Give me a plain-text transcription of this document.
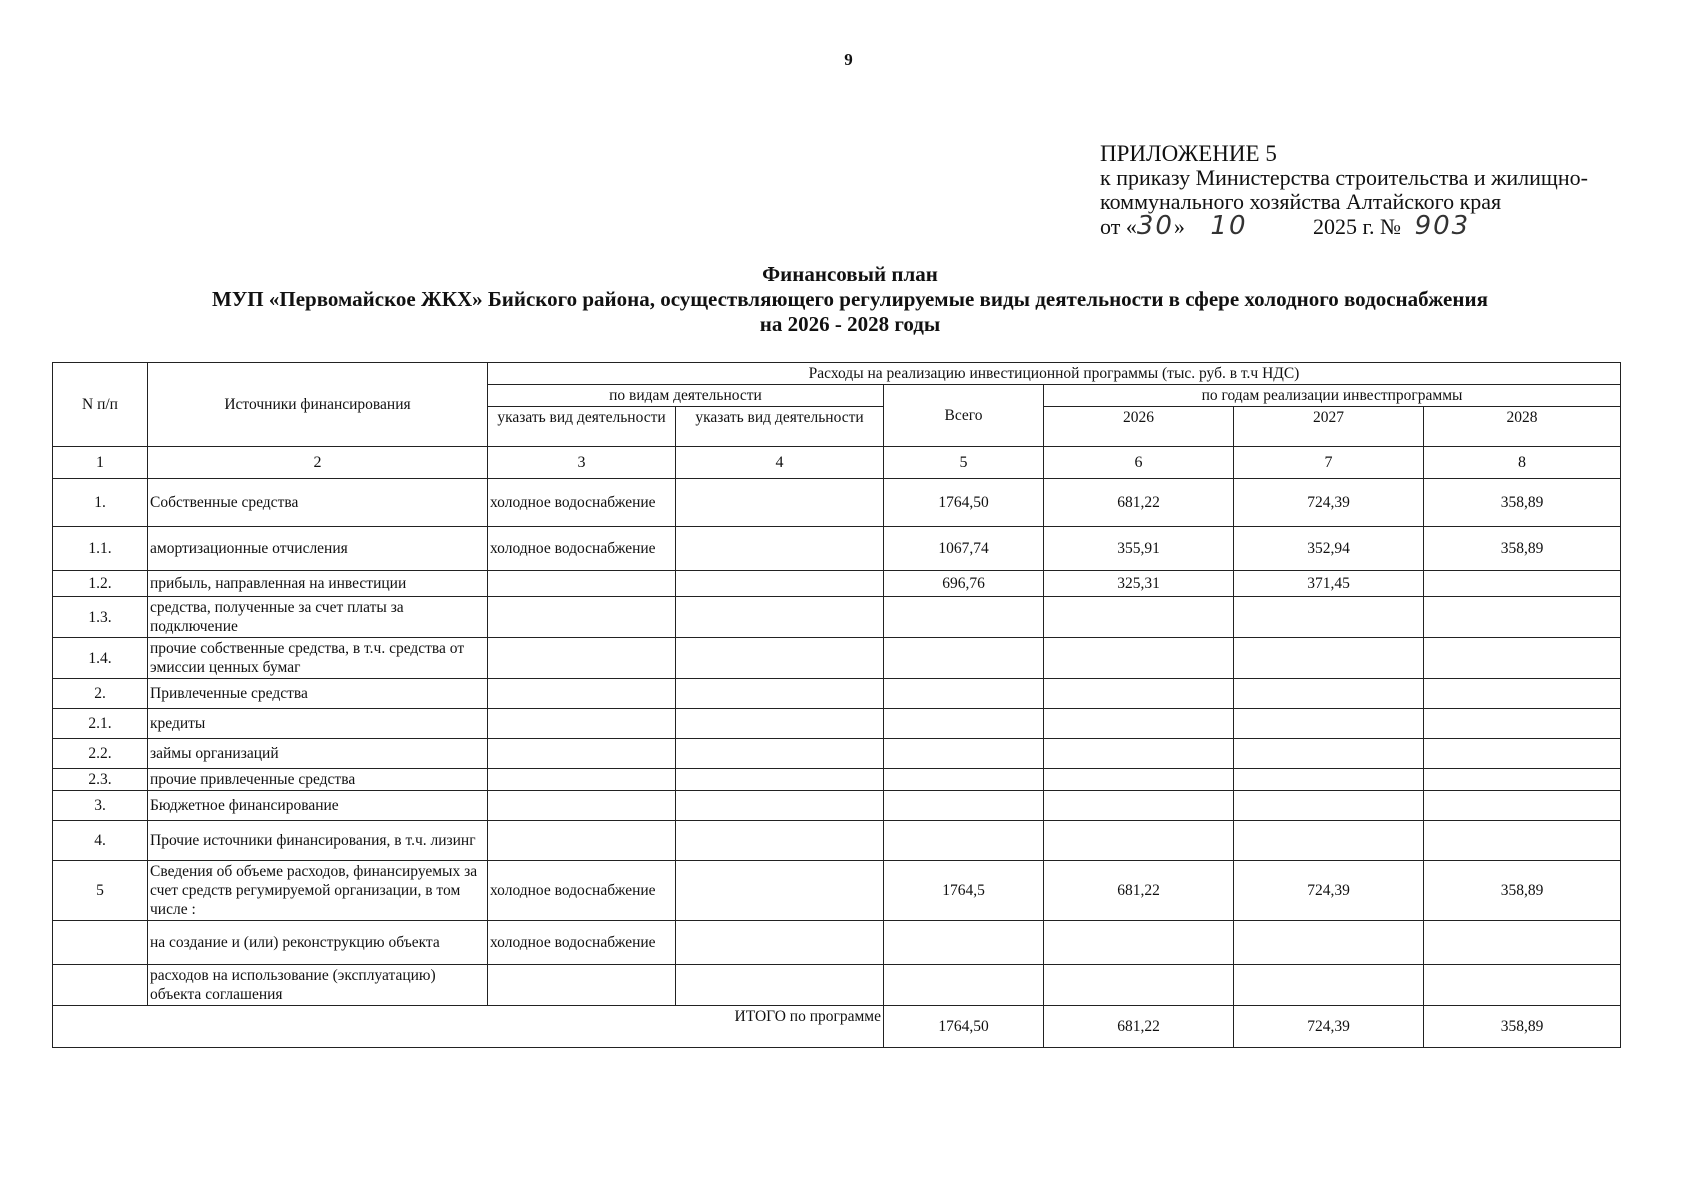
9
ПРИЛОЖЕНИЕ 5
к приказу Министерства строительства и жилищно-
коммунального хозяйства Алтайского края
от «30» 10	2025 г. № 903
Финансовый план
МУП «Первомайское ЖКХ» Бийского района, осуществляющего регулируемые виды деятельности в сфере холодного водоснабжения
на 2026 - 2028 годы
N п/п	Источники финансирования	Расходы на реализацию инвестиционной программы (тыс. руб. в т.ч НДС)					
		по видам деятельности		Всего	по годам реализации инвестпрограммы		
		указать вид деятельности	указать вид деятельности		2026	2027	2028
1	2	3	4	5	6	7	8
1.	Собственные средства	холодное водоснабжение		1764,50	681,22	724,39	358,89
1.1.	амортизационные отчисления	холодное водоснабжение		1067,74	355,91	352,94	358,89
1.2.	прибыль, направленная на инвестиции			696,76	325,31	371,45	
1.3.	средства, полученные за счет платы за подключение						
1.4.	прочие собственные средства, в т.ч. средства от эмиссии ценных бумаг						
2.	Привлеченные средства						
2.1.	кредиты						
2.2.	займы организаций						
2.3.	прочие привлеченные средства						
3.	Бюджетное финансирование						
4.	Прочие источники финансирования, в т.ч. лизинг						
5	Сведения об объеме расходов, финансируемых за счет средств регумируемой организации, в том числе :	холодное водоснабжение		1764,5	681,22	724,39	358,89
	на создание и (или) реконструкцию объекта	холодное водоснабжение					
	расходов на использование (эксплуатацию) объекта соглашения						
ИТОГО по программе				1764,50	681,22	724,39	358,89
